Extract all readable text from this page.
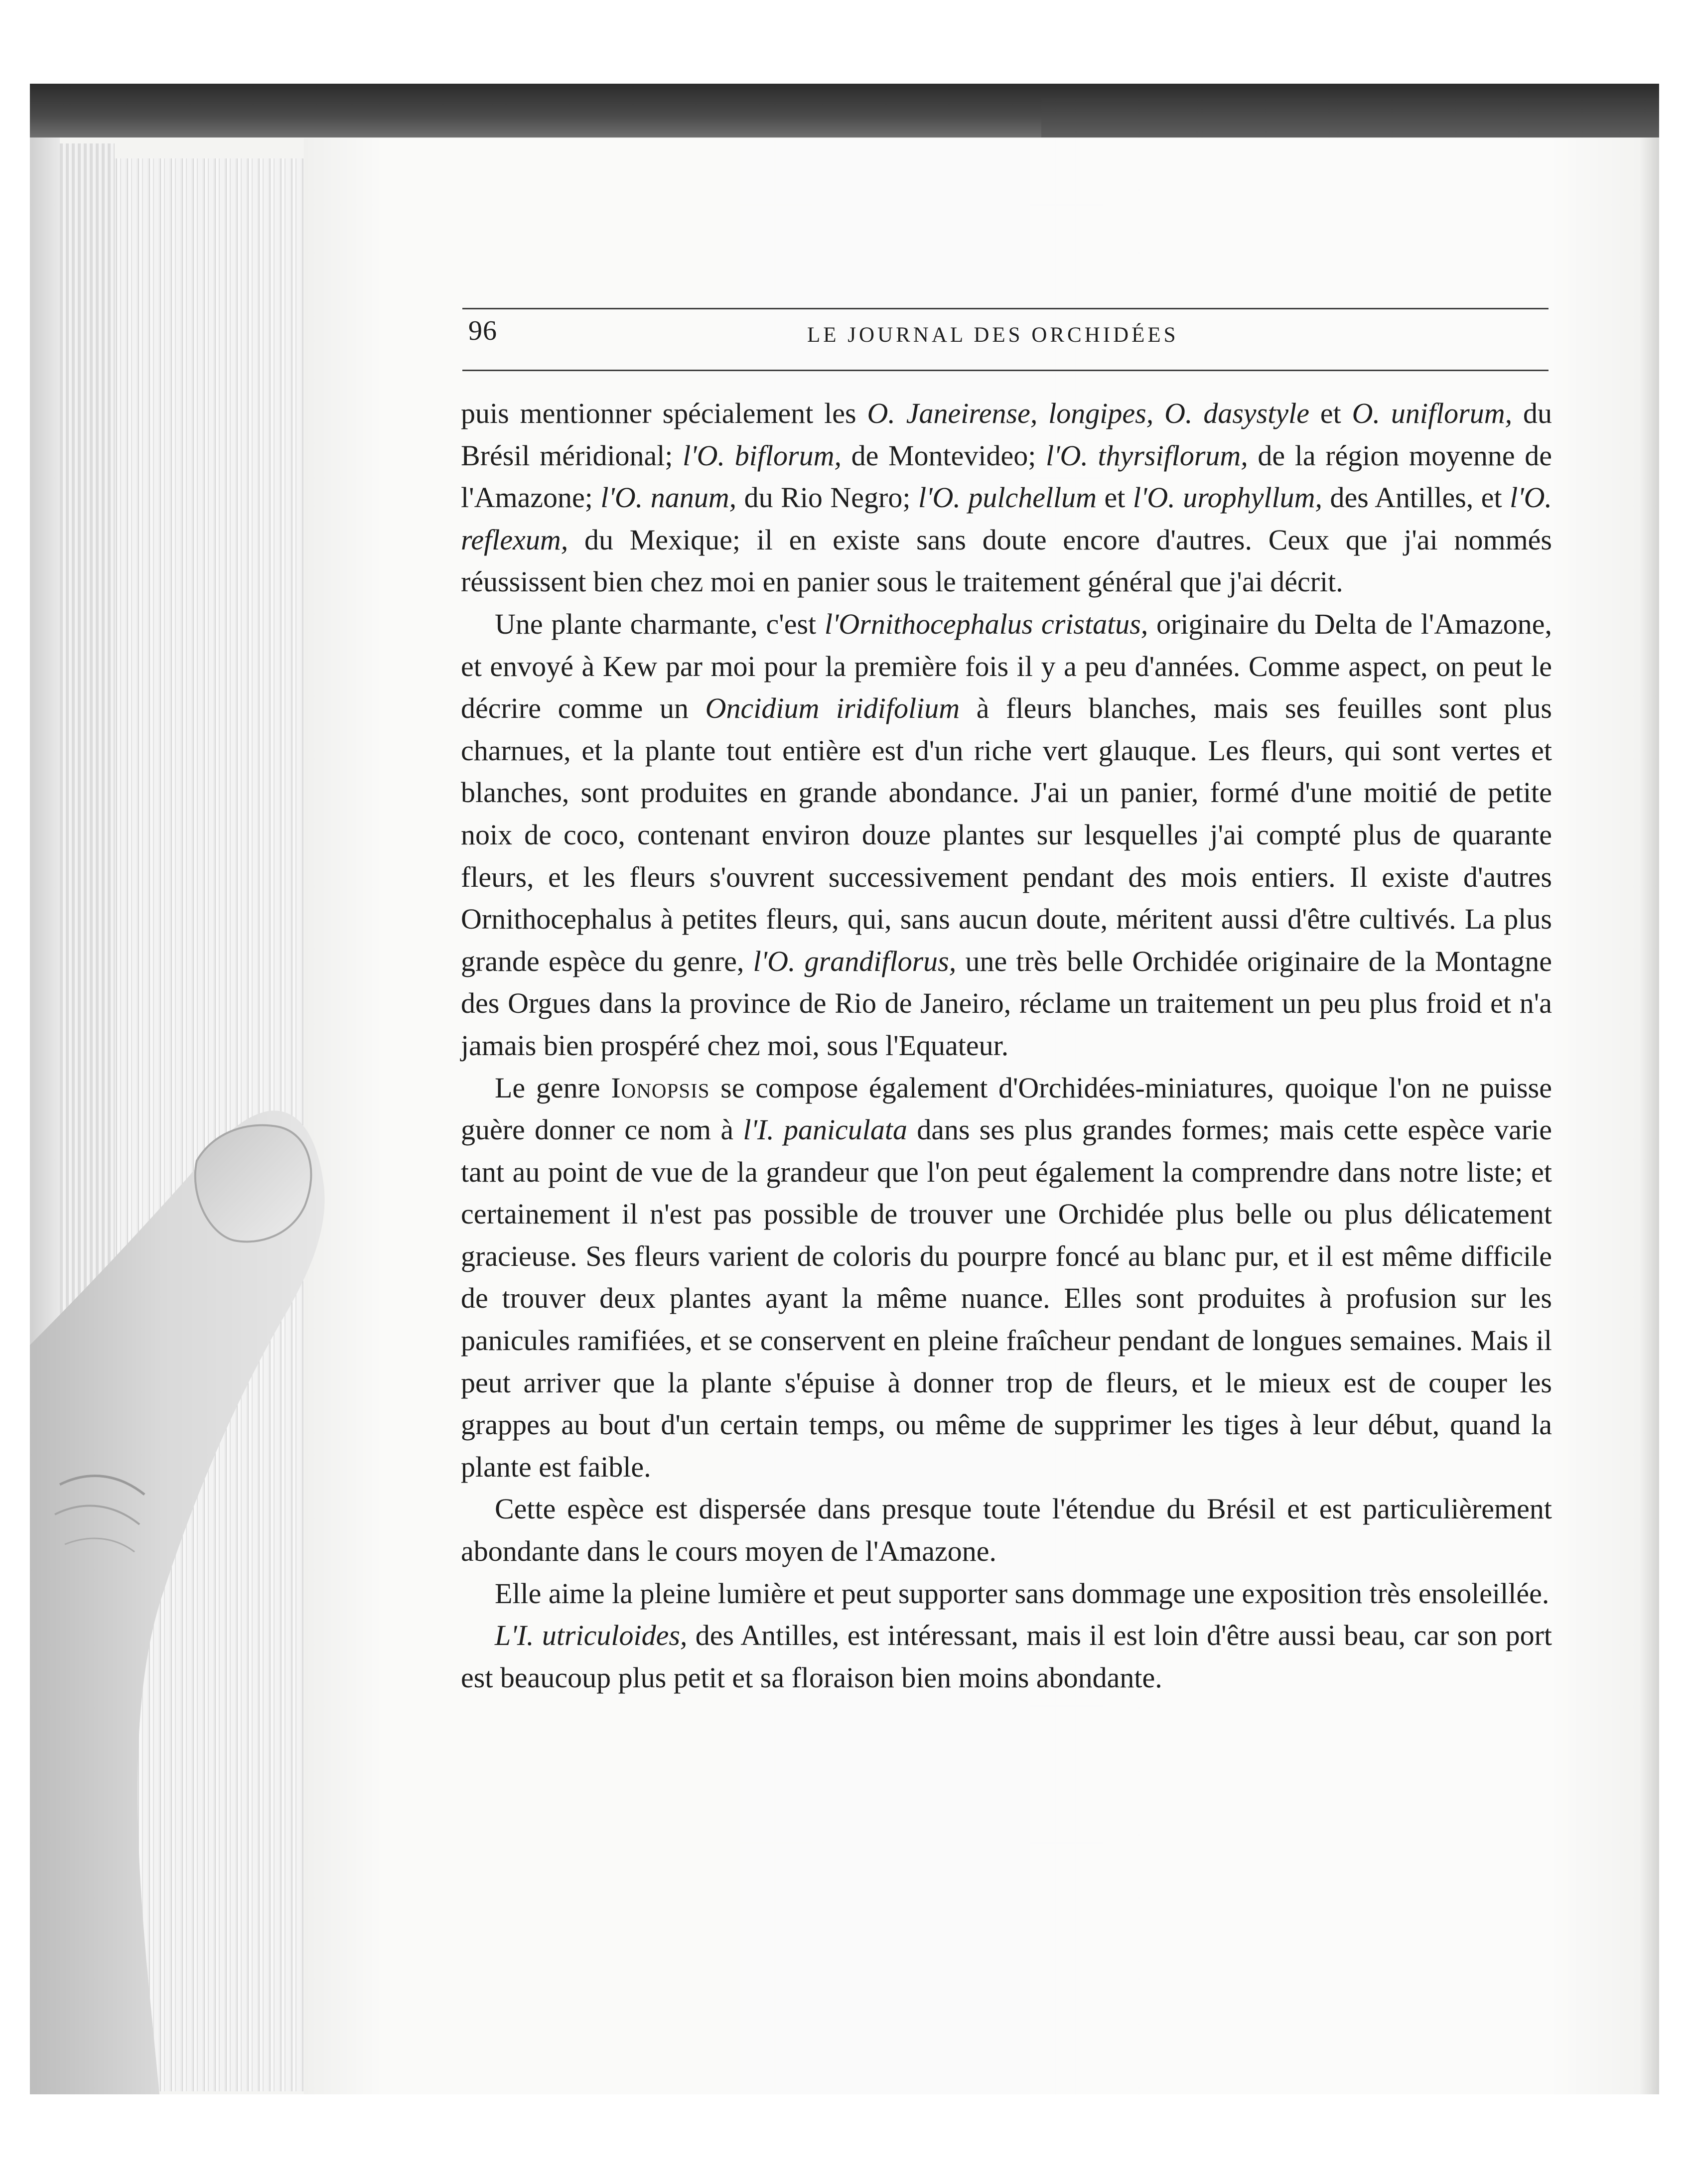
96	LE JOURNAL DES ORCHIDÉES

puis mentionner spécialement les O. Janeirense, longipes, O. dasystyle et O. uniflorum, du Brésil méridional; l'O. biflorum, de Montevideo; l'O. thyrsiflorum, de la région moyenne de l'Amazone; l'O. nanum, du Rio Negro; l'O. pulchellum et l'O. urophyllum, des Antilles, et l'O. reflexum, du Mexique; il en existe sans doute encore d'autres. Ceux que j'ai nommés réussissent bien chez moi en panier sous le traitement général que j'ai décrit.

Une plante charmante, c'est l'Ornithocephalus cristatus, originaire du Delta de l'Amazone, et envoyé à Kew par moi pour la première fois il y a peu d'années. Comme aspect, on peut le décrire comme un Oncidium iridifolium à fleurs blanches, mais ses feuilles sont plus charnues, et la plante tout entière est d'un riche vert glauque. Les fleurs, qui sont vertes et blanches, sont produites en grande abondance. J'ai un panier, formé d'une moitié de petite noix de coco, contenant environ douze plantes sur lesquelles j'ai compté plus de quarante fleurs, et les fleurs s'ouvrent successivement pendant des mois entiers. Il existe d'autres Ornithocephalus à petites fleurs, qui, sans aucun doute, méritent aussi d'être cultivés. La plus grande espèce du genre, l'O. grandiflorus, une très belle Orchidée originaire de la Montagne des Orgues dans la province de Rio de Janeiro, réclame un traitement un peu plus froid et n'a jamais bien prospéré chez moi, sous l'Equateur.

Le genre Ionopsis se compose également d'Orchidées-miniatures, quoique l'on ne puisse guère donner ce nom à l'I. paniculata dans ses plus grandes formes; mais cette espèce varie tant au point de vue de la grandeur que l'on peut également la comprendre dans notre liste; et certainement il n'est pas possible de trouver une Orchidée plus belle ou plus délicatement gracieuse. Ses fleurs varient de coloris du pourpre foncé au blanc pur, et il est même difficile de trouver deux plantes ayant la même nuance. Elles sont produites à profusion sur les panicules ramifiées, et se conservent en pleine fraîcheur pendant de longues semaines. Mais il peut arriver que la plante s'épuise à donner trop de fleurs, et le mieux est de couper les grappes au bout d'un certain temps, ou même de supprimer les tiges à leur début, quand la plante est faible.

Cette espèce est dispersée dans presque toute l'étendue du Brésil et est particulièrement abondante dans le cours moyen de l'Amazone.

Elle aime la pleine lumière et peut supporter sans dommage une exposition très ensoleillée.

L'I. utriculoides, des Antilles, est intéressant, mais il est loin d'être aussi beau, car son port est beaucoup plus petit et sa floraison bien moins abondante.
